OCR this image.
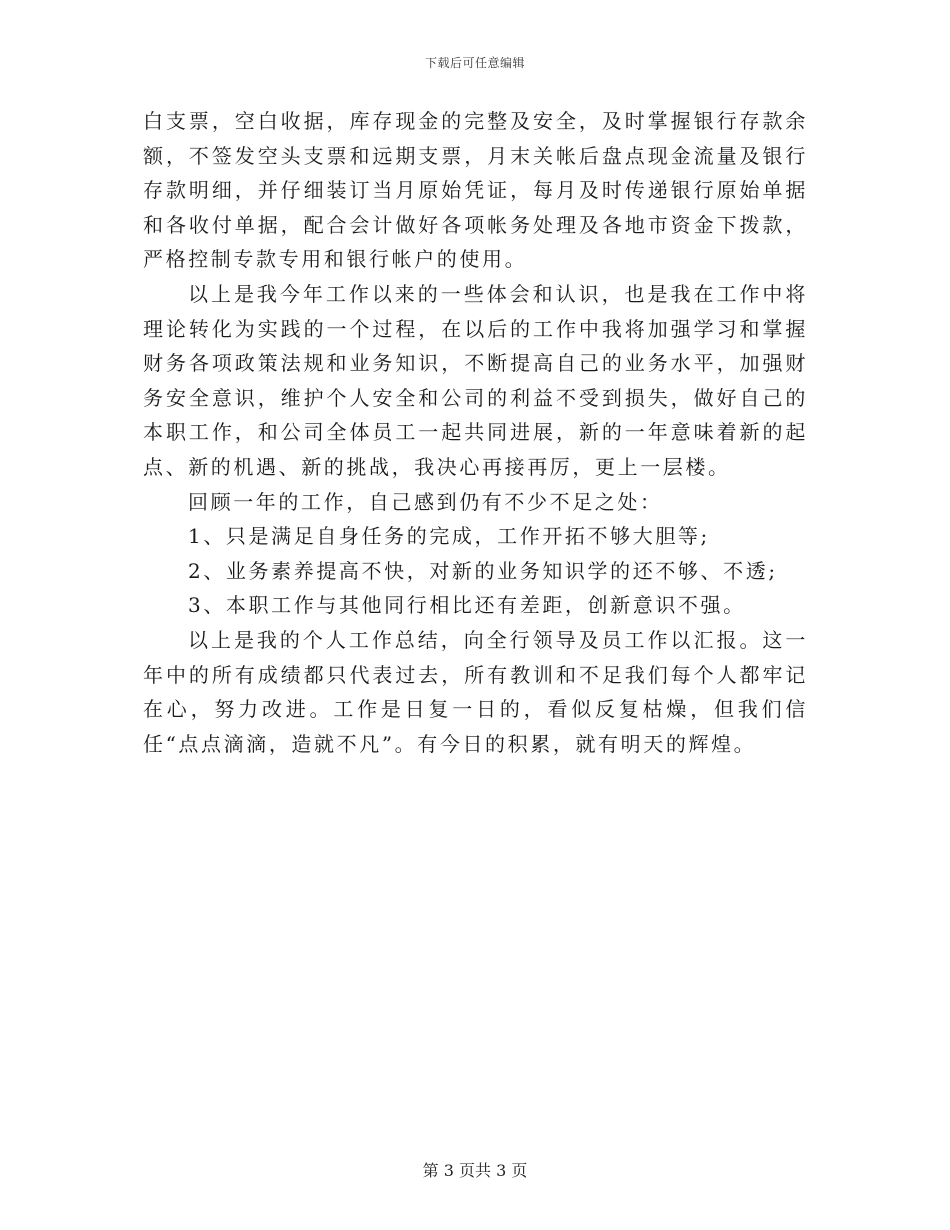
下载后可任意编辑

白支票，空白收据，库存现金的完整及安全，及时掌握银行存款余额，不签发空头支票和远期支票，月末关帐后盘点现金流量及银行存款明细，并仔细装订当月原始凭证，每月及时传递银行原始单据和各收付单据，配合会计做好各项帐务处理及各地市资金下拨款，严格控制专款专用和银行帐户的使用。

以上是我今年工作以来的一些体会和认识，也是我在工作中将理论转化为实践的一个过程，在以后的工作中我将加强学习和掌握财务各项政策法规和业务知识，不断提高自己的业务水平，加强财务安全意识，维护个人安全和公司的利益不受到损失，做好自己的本职工作，和公司全体员工一起共同进展，新的一年意味着新的起点、新的机遇、新的挑战，我决心再接再厉，更上一层楼。

回顾一年的工作，自己感到仍有不少不足之处：

1、只是满足自身任务的完成，工作开拓不够大胆等;

2、业务素养提高不快，对新的业务知识学的还不够、不透;

3、本职工作与其他同行相比还有差距，创新意识不强。

以上是我的个人工作总结，向全行领导及员工作以汇报。这一年中的所有成绩都只代表过去，所有教训和不足我们每个人都牢记在心，努力改进。工作是日复一日的，看似反复枯燥，但我们信任“点点滴滴，造就不凡”。有今日的积累，就有明天的辉煌。

第 3 页共 3 页
